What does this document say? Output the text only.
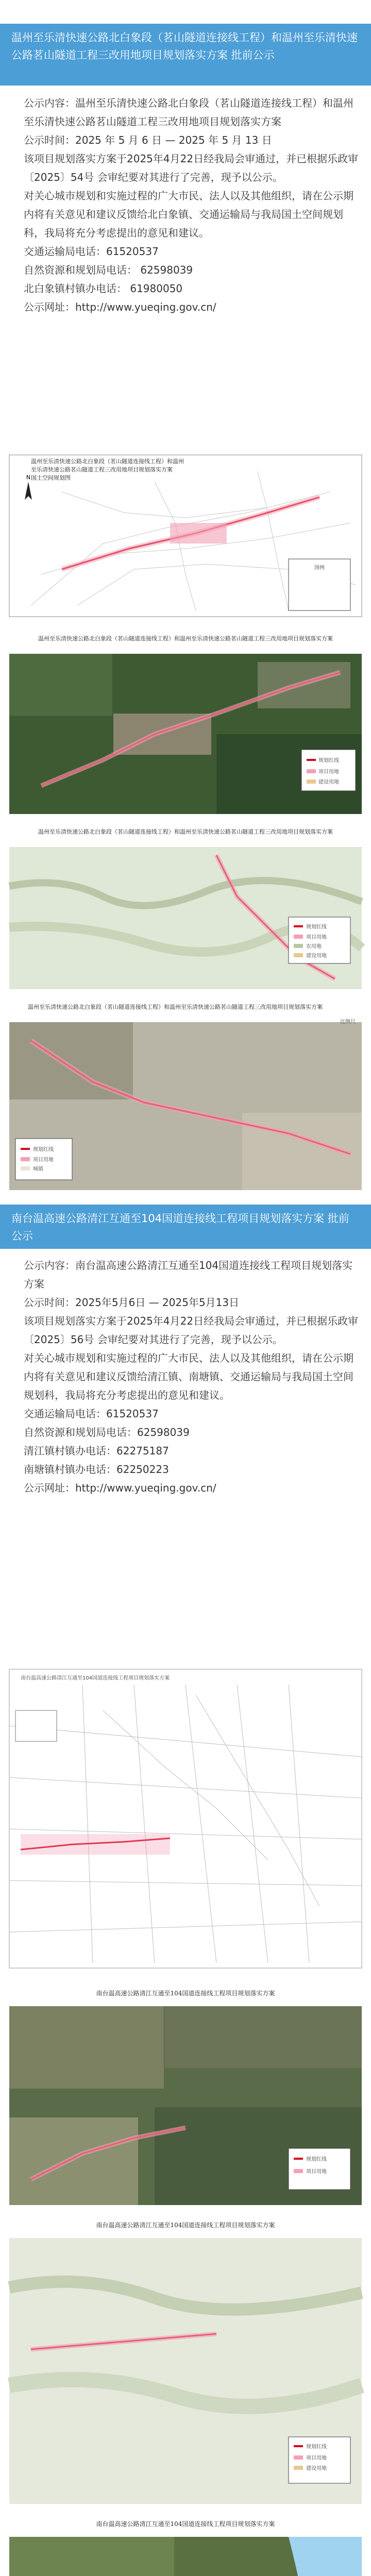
温州至乐清快速公路北白象段（茗山隧道连接线工程）和温州至乐清快速公路茗山隧道工程三改用地项目规划落实方案 批前公示
公示内容：温州至乐清快速公路北白象段（茗山隧道连接线工程）和温州至乐清快速公路茗山隧道工程三改用地项目规划落实方案
公示时间：2025 年 5 月 6 日 — 2025 年 5 月 13 日
该项目规划落实方案于2025年4月22日经我局会审通过，并已根据乐政审〔2025〕54号 会审纪要对其进行了完善，现予以公示。
对关心城市规划和实施过程的广大市民、法人以及其他组织，请在公示期内将有关意见和建议反馈给北白象镇、交通运输局与我局国土空间规划科，我局将充分考虑提出的意见和建议。
交通运输局电话：61520537
自然资源和规划局电话： 62598039
北白象镇村镇办电话： 61980050
公示网址：http://www.yueqing.gov.cn/
N
温州至乐清快速公路北白象段（茗山隧道连接线工程）和温州至乐清快速公路茗山隧道工程三改用地项目规划落实方案
国土空间规划图
图例
温州至乐清快速公路北白象段（茗山隧道连接线工程）和温州至乐清快速公路茗山隧道工程三改用地项目规划落实方案
规划红线
项目用地
建设用地
温州至乐清快速公路北白象段（茗山隧道连接线工程）和温州至乐清快速公路茗山隧道工程三改用地项目规划落实方案
规划红线
项目用地
农用地
建设用地
温州至乐清快速公路北白象段（茗山隧道连接线工程）和温州至乐清快速公路茗山隧道工程三改用地项目规划落实方案
比例尺
规划红线
项目用地
城镇
南台温高速公路清江互通至104国道连接线工程项目规划落实方案 批前公示
公示内容：南台温高速公路清江互通至104国道连接线工程项目规划落实方案
公示时间：2025年5月6日 — 2025年5月13日
该项目规划落实方案于2025年4月22日经我局会审通过，并已根据乐政审〔2025〕56号 会审纪要对其进行了完善，现予以公示。
对关心城市规划和实施过程的广大市民、法人以及其他组织，请在公示期内将有关意见和建议反馈给清江镇、南塘镇、交通运输局与我局国土空间规划科，我局将充分考虑提出的意见和建议。
交通运输局电话：61520537
自然资源和规划局电话：62598039
清江镇村镇办电话：62275187
南塘镇村镇办电话：62250223
公示网址：http://www.yueqing.gov.cn/
南台温高速公路清江互通至104国道连接线工程项目规划落实方案
南台温高速公路清江互通至104国道连接线工程项目规划落实方案
规划红线
项目用地
南台温高速公路清江互通至104国道连接线工程项目规划落实方案
规划红线
项目用地
建设用地
南台温高速公路清江互通至104国道连接线工程项目规划落实方案
